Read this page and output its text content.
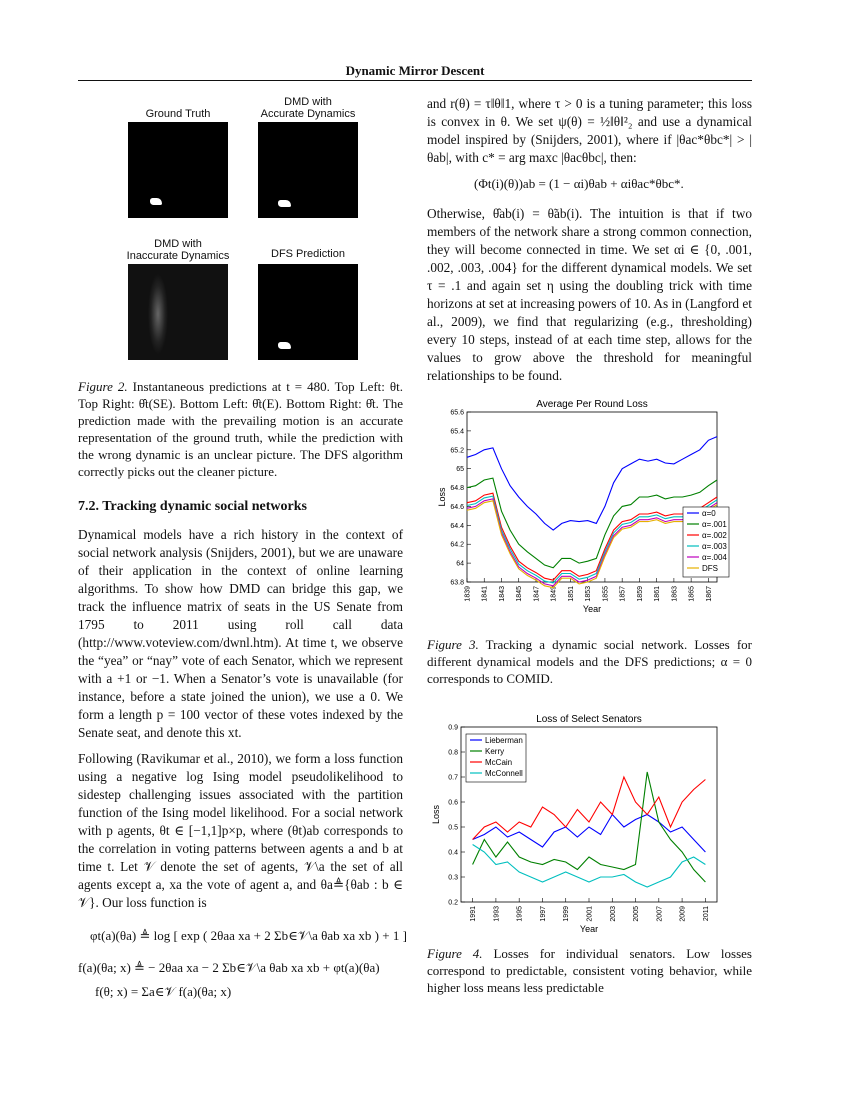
Dynamic Mirror Descent
Ground Truth
DMD with
Accurate Dynamics
DMD with
Inaccurate Dynamics	DFS Prediction
Figure 2. Instantaneous predictions at t = 480. Top Left: θt. Top Right: θ̂t(SE). Bottom Left: θ̂t(E). Bottom Right: θ̂t. The prediction made with the prevailing motion is an accurate representation of the ground truth, while the prediction with the wrong dynamic is an unclear picture. The DFS algorithm correctly picks out the cleaner picture.
7.2. Tracking dynamic social networks

Dynamical models have a rich history in the context of social network analysis (Snijders, 2001), but we are unaware of their application in the context of online learning algorithms. To show how DMD can bridge this gap, we track the influence matrix of seats in the US Senate from 1795 to 2011 using roll call data (http://www.voteview.com/dwnl.htm). At time t, we observe the “yea” or “nay” vote of each Senator, which we represent with a +1 or −1. When a Senator’s vote is unavailable (for instance, before a state joined the union), we use a 0. We form a length p = 100 vector of these votes indexed by the Senate seat, and denote this xt.

Following (Ravikumar et al., 2010), we form a loss function using a negative log Ising model pseudolikelihood to sidestep challenging issues associated with the partition function of the Ising model likelihood. For a social network with p agents, θt ∈ [−1,1]p×p, where (θt)ab corresponds to the correlation in voting patterns between agents a and b at time t. Let 𝒱 denote the set of agents, 𝒱\a the set of all agents except a, xa the vote of agent a, and θa≜{θab : b ∈ 𝒱}. Our loss function is

φt(a)(θa) ≜ log [ exp ( 2θaa xa + 2 Σb∈𝒱\a θab xa xb ) + 1 ]
f(a)(θa; x) ≜ − 2θaa xa − 2 Σb∈𝒱\a θab xa xb + φt(a)(θa)
f(θ; x) = Σa∈𝒱 f(a)(θa; x)

and r(θ) = τ‖θ‖1, where τ > 0 is a tuning parameter; this loss is convex in θ. We set ψ(θ) = ½‖θ‖²₂ and use a dynamical model inspired by (Snijders, 2001), where if |θac*θbc*| > |θab|, with c* = arg maxc |θacθbc|, then:

(Φt(i)(θ))ab = (1 − αi)θab + αiθac*θbc*.

Otherwise, θ̂ab(i) = θ̃ab(i). The intuition is that if two members of the network share a strong common connection, they will become connected in time. We set αi ∈ {0, .001, .002, .003, .004} for the different dynamical models. We set τ = .1 and again set η using the doubling trick with time horizons at set at increasing powers of 10. As in (Langford et al., 2009), we find that regularizing (e.g., thresholding) every 10 steps, instead of at each time step, allows for the values to grow above the threshold for meaningful relationships to be found.

Average Per Round Loss
63.8
64
64.2
64.4
64.6
64.8
65
65.2
65.4
65.6
1839 1841 1843 1845 1847 1849 1851 1853 1855 1857 1859 1861 1863 1865 1867
Year
Loss
α=0
α=.001
α=.002
α=.003
α=.004
DFS
Figure 3. Tracking a dynamic social network. Losses for different dynamical models and the DFS predictions; α = 0 corresponds to COMID.
Loss of Select Senators
0.2
0.3
0.4
0.5
0.6
0.7
0.8
0.9
1991 1993 1995 1997 1999 2001 2003 2005 2007 2009 2011
Year
Loss
Lieberman
Kerry
McCain
McConnell
Figure 4. Losses for individual senators. Low losses correspond to predictable, consistent voting behavior, while higher loss means less predictable
